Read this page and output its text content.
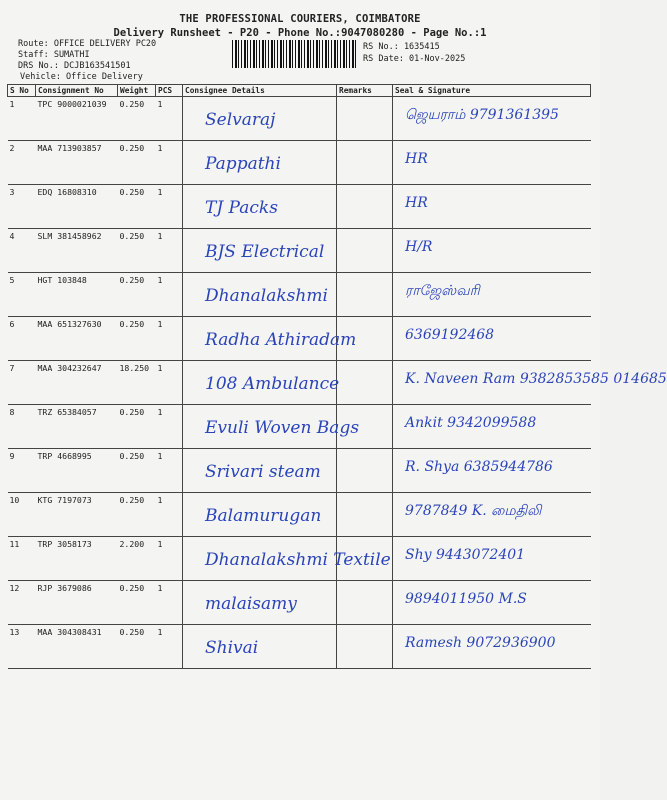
THE PROFESSIONAL COURIERS, COIMBATORE
Delivery Runsheet - P20 - Phone No.:9047080280 - Page No.:1
Route: OFFICE DELIVERY PC20
Staff: SUMATHI
DRS No.: DCJB163541501
Vehicle: Office Delivery
RS No.: 1635415
RS Date: 01-Nov-2025
S No	Consignment No	Weight	PCS	Consignee Details	Remarks	Seal & Signature
1	TPC 9000021039	0.250	1	Selvaraj		ஜெயராம் 9791361395

2	MAA 713903857	0.250	1	Pappathi		HR

3	EDQ 16808310	0.250	1	TJ Packs		HR

4	SLM 381458962	0.250	1	BJS Electrical		H/R

5	HGT 103848	0.250	1	Dhanalakshmi		ராஜேஸ்வரி

6	MAA 651327630	0.250	1	Radha Athiradam		6369192468

7	MAA 304232647	18.250	1	108 Ambulance		K. Naveen Ram 9382853585 014685

8	TRZ 65384057	0.250	1	Evuli Woven Bags		Ankit 9342099588

9	TRP 4668995	0.250	1	Srivari steam		R. Shya 6385944786

10	KTG 7197073	0.250	1	Balamurugan		9787849 K. மைதிலி

11	TRP 3058173	2.200	1	Dhanalakshmi Textile		Shy 9443072401

12	RJP 3679086	0.250	1	malaisamy		9894011950 M.S

13	MAA 304308431	0.250	1	Shivai		Ramesh 9072936900
